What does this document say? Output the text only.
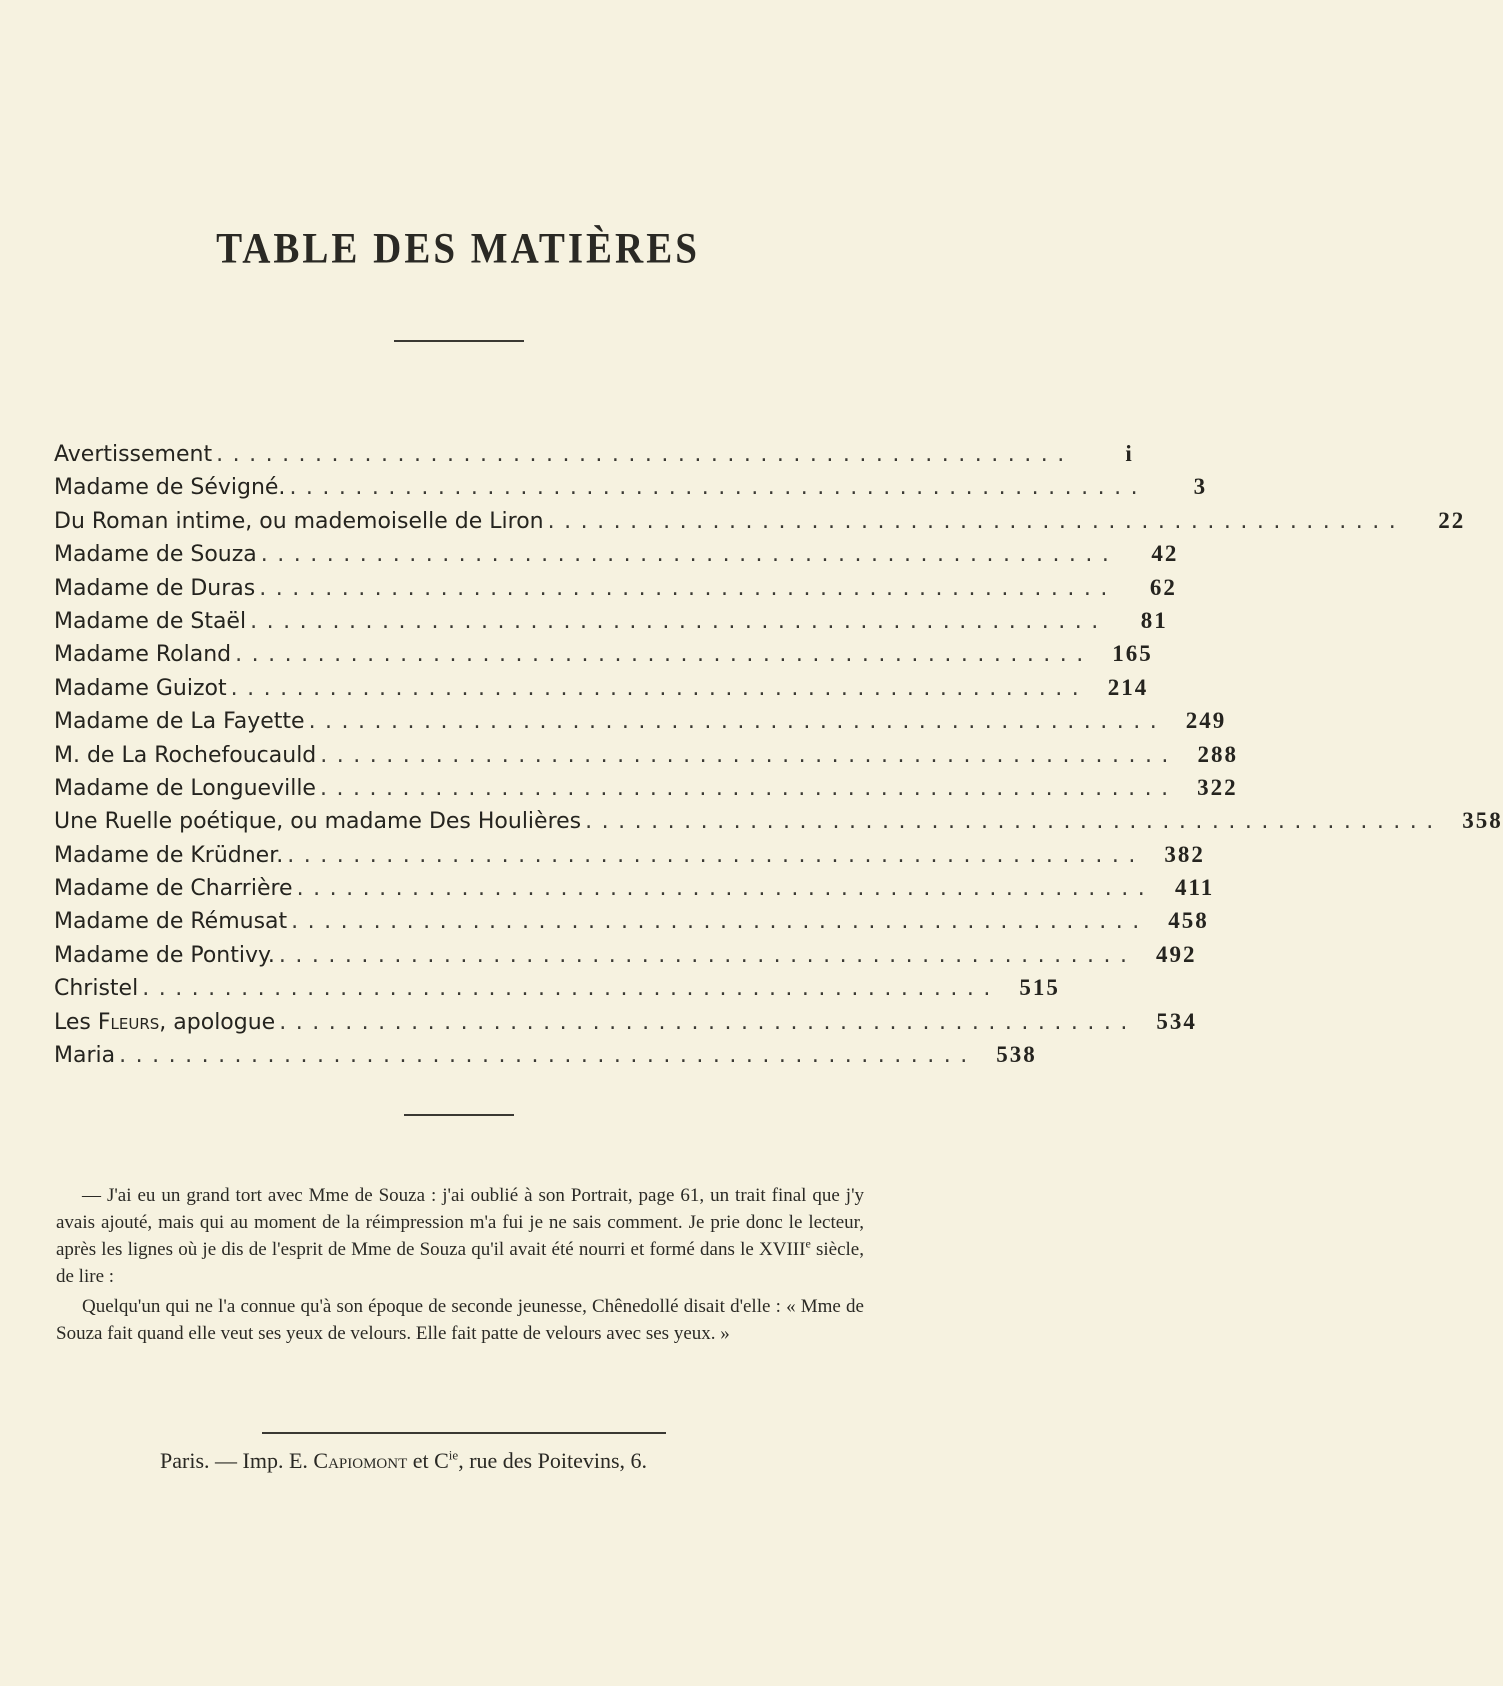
TABLE DES MATIÈRES
Avertissement ....................................................	i
Madame de Sévigné. ....................................................	3
Du Roman intime, ou mademoiselle de Liron ....................................................	22
Madame de Souza ....................................................	42
Madame de Duras ....................................................	62
Madame de Staël ....................................................	81
Madame Roland .................................................... 165
Madame Guizot .................................................... 214
Madame de La Fayette .................................................... 249
M. de La Rochefoucauld .................................................... 288
Madame de Longueville .................................................... 322
Une Ruelle poétique, ou madame Des Houlières .................................................... 358
Madame de Krüdner. .................................................... 382
Madame de Charrière .................................................... 411
Madame de Rémusat .................................................... 458
Madame de Pontivy. .................................................... 492
Christel .................................................... 515
Les Fleurs, apologue .................................................... 534
Maria .................................................... 538

— J'ai eu un grand tort avec Mme de Souza : j'ai oublié à son Portrait, page 61, un trait final que j'y avais ajouté, mais qui au moment de la réimpression m'a fui je ne sais comment. Je prie donc le lecteur, après les lignes où je dis de l'esprit de Mme de Souza qu'il avait été nourri et formé dans le XVIIIe siècle, de lire :

Quelqu'un qui ne l'a connue qu'à son époque de seconde jeunesse, Chênedollé disait d'elle : « Mme de Souza fait quand elle veut ses yeux de velours. Elle fait patte de velours avec ses yeux. »

Paris. — Imp. E. Capiomont et $C^{ie}$, rue des Poitevins, 6.
